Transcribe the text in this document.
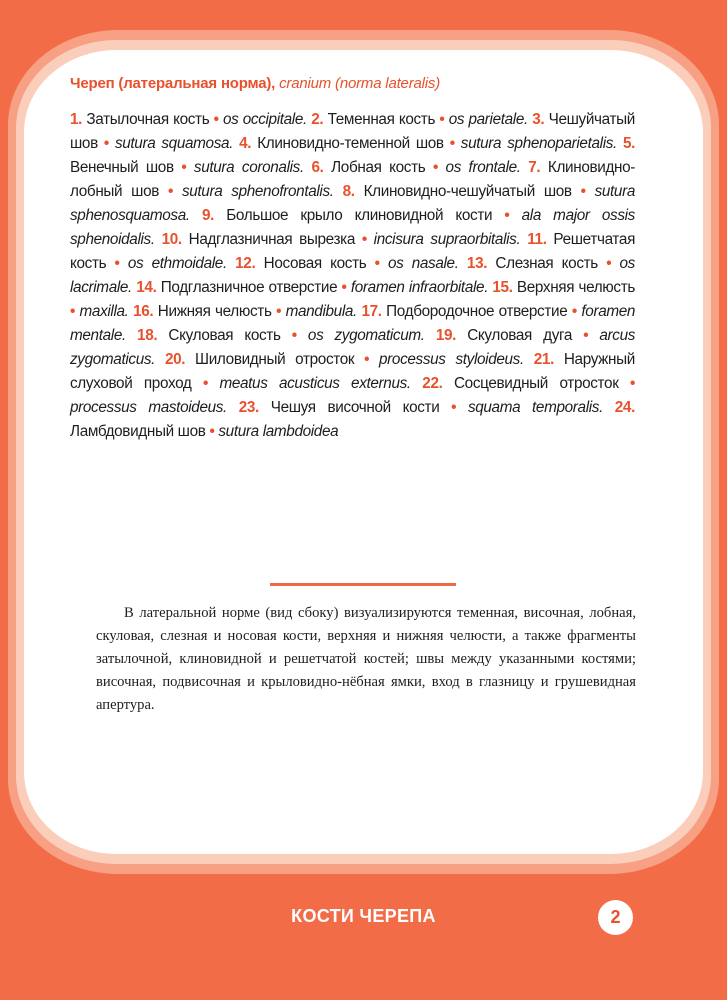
Череп (латеральная норма), cranium (norma lateralis)

1. Затылочная кость • os occipitale. 2. Теменная кость • os parietale. 3. Чешуйчатый шов • sutura squamosa. 4. Клиновидно-теменной шов • sutura sphenoparietalis. 5. Венечный шов • sutura coronalis. 6. Лобная кость • os frontale. 7. Клиновидно-лобный шов • sutura sphenofrontalis. 8. Клиновидно-чешуйчатый шов • sutura sphenosquamosa. 9. Большое крыло клиновидной кости • ala major ossis sphenoidalis. 10. Надглазничная вырезка • incisura supraorbitalis. 11. Решетчатая кость • os ethmoidale. 12. Носовая кость • os nasale. 13. Слезная кость • os lacrimale. 14. Подглазничное отверстие • foramen infraorbitale. 15. Верхняя челюсть • maxilla. 16. Нижняя челюсть • mandibula. 17. Подбородочное отверстие • foramen mentale. 18. Скуловая кость • os zygomaticum. 19. Скуловая дуга • arcus zygomaticus. 20. Шиловидный отросток • processus styloideus. 21. Наружный слуховой проход • meatus acusticus externus. 22. Сосцевидный отросток • processus mastoideus. 23. Чешуя височной кости • squama temporalis. 24. Ламбдовидный шов • sutura lambdoidea

В латеральной норме (вид сбоку) визуализируются теменная, височная, лобная, скуловая, слезная и носовая кости, верхняя и нижняя челюсти, а также фрагменты затылочной, клиновидной и решетчатой костей; швы между указанными костями; височная, подвисочная и крыловидно-нёбная ямки, вход в глазницу и грушевидная апертура.

КОСТИ ЧЕРЕПА	2
